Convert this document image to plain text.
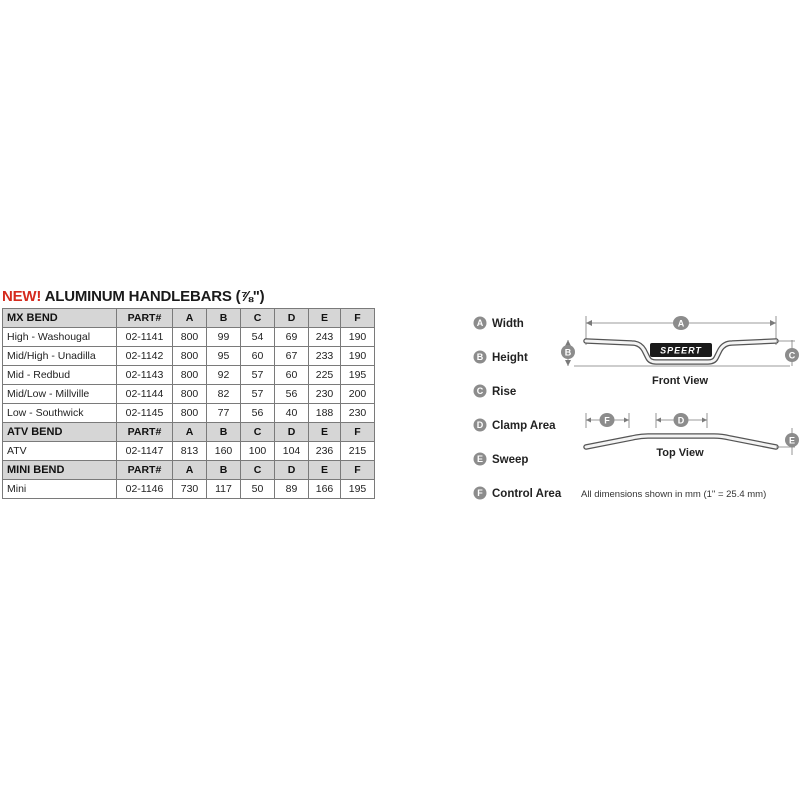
NEW! ALUMINUM HANDLEBARS (⅞")
MX BEND	PART#	A	B	C	D	E	F
High - Washougal	02-1141	800	99	54	69	243	190
Mid/High - Unadilla	02-1142	800	95	60	67	233	190
Mid - Redbud	02-1143	800	92	57	60	225	195
Mid/Low - Millville	02-1144	800	82	57	56	230	200
Low - Southwick	02-1145	800	77	56	40	188	230
ATV BEND	PART#	A	B	C	D	E	F
ATV	02-1147	813	160	100	104	236	215
MINI BEND	PART#	A	B	C	D	E	F
Mini	02-1146	730	117	50	89	166	195
A Width
B Height
C Rise
D Clamp Area
E Sweep
F Control Area
A
B	SPEERT	C
Front View
F	D
E
Top View
All dimensions shown in mm (1" = 25.4 mm)
